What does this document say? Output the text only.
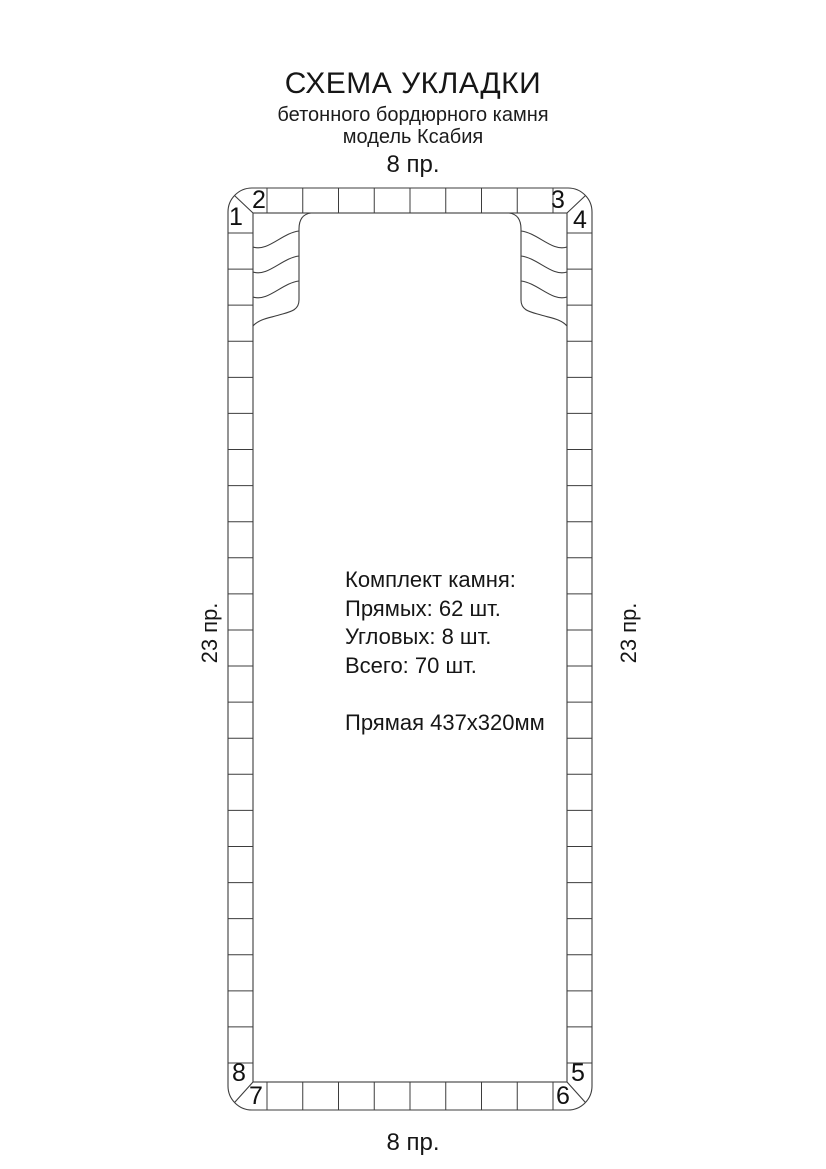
СХЕМА УКЛАДКИ
бетонного бордюрного камня
модель Ксабия
8 пр.
8 пр.
23 пр.	23 пр.
1
2	3
4
5
6
7
8
Комплект камня:
Прямых: 62 шт.
Угловых: 8 шт.
Всего: 70 шт.
Прямая 437х320мм
